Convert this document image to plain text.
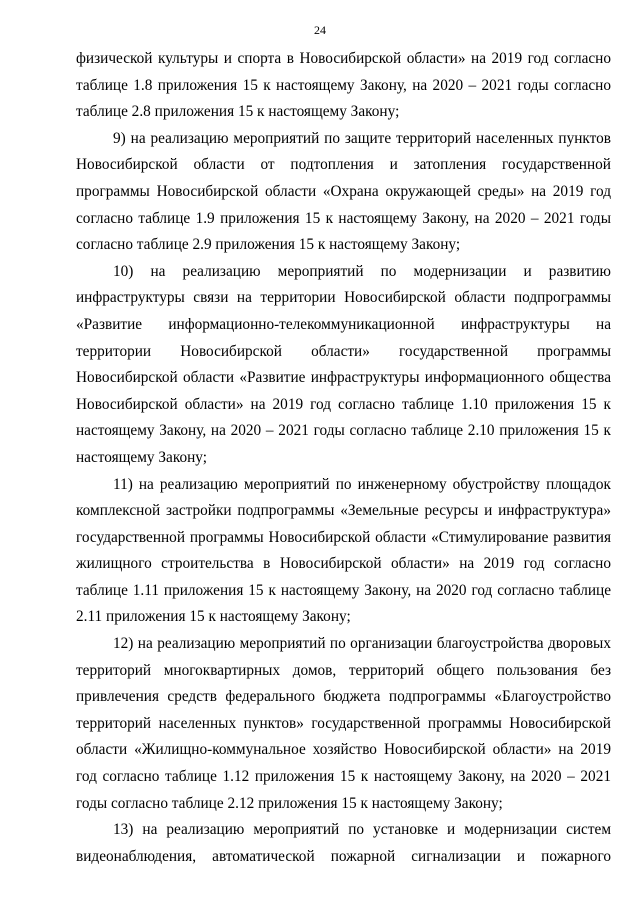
24

физической культуры и спорта в Новосибирской области» на 2019 год согласно таблице 1.8 приложения 15 к настоящему Закону, на 2020 – 2021 годы согласно таблице 2.8 приложения 15 к настоящему Закону;

9) на реализацию мероприятий по защите территорий населенных пунктов Новосибирской области от подтопления и затопления государственной программы Новосибирской области «Охрана окружающей среды» на 2019 год согласно таблице 1.9 приложения 15 к настоящему Закону, на 2020 – 2021 годы согласно таблице 2.9 приложения 15 к настоящему Закону;

10) на реализацию мероприятий по модернизации и развитию инфраструктуры связи на территории Новосибирской области подпрограммы «Развитие информационно-телекоммуникационной инфраструктуры на территории Новосибирской области» государственной программы Новосибирской области «Развитие инфраструктуры информационного общества Новосибирской области» на 2019 год согласно таблице 1.10 приложения 15 к настоящему Закону, на 2020 – 2021 годы согласно таблице 2.10 приложения 15 к настоящему Закону;

11) на реализацию мероприятий по инженерному обустройству площадок комплексной застройки подпрограммы «Земельные ресурсы и инфраструктура» государственной программы Новосибирской области «Стимулирование развития жилищного строительства в Новосибирской области» на 2019 год согласно таблице 1.11 приложения 15 к настоящему Закону, на 2020 год согласно таблице 2.11 приложения 15 к настоящему Закону;

12) на реализацию мероприятий по организации благоустройства дворовых территорий многоквартирных домов, территорий общего пользования без привлечения средств федерального бюджета подпрограммы «Благоустройство территорий населенных пунктов» государственной программы Новосибирской области «Жилищно-коммунальное хозяйство Новосибирской области» на 2019 год согласно таблице 1.12 приложения 15 к настоящему Закону, на 2020 – 2021 годы согласно таблице 2.12 приложения 15 к настоящему Закону;

13) на реализацию мероприятий по установке и модернизации систем видеонаблюдения, автоматической пожарной сигнализации и пожарного
